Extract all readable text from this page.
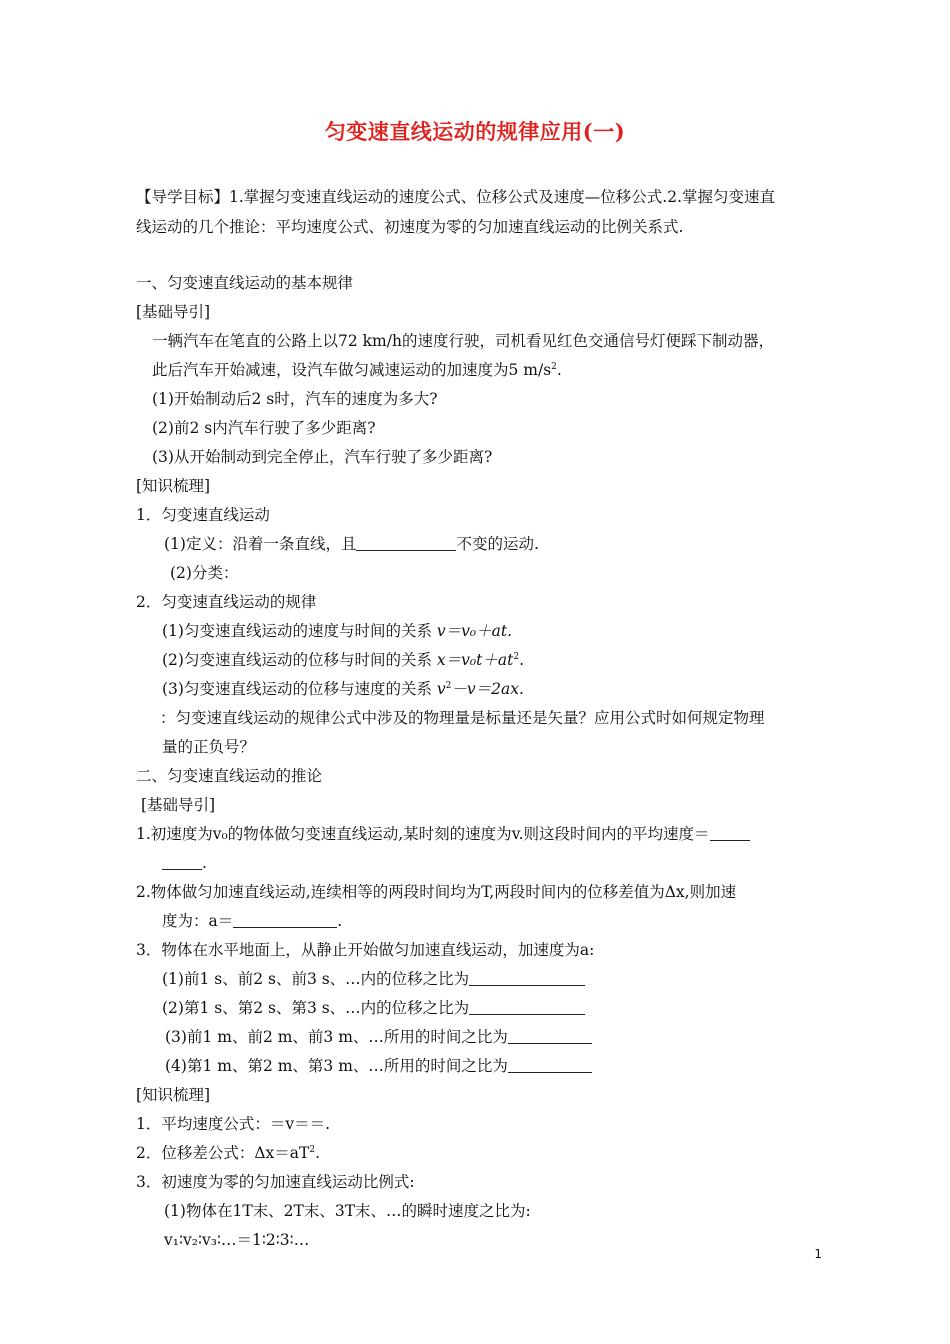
匀变速直线运动的规律应用(一)
【导学目标】1.掌握匀变速直线运动的速度公式、位移公式及速度—位移公式.2.掌握匀变速直
线运动的几个推论：平均速度公式、初速度为零的匀加速直线运动的比例关系式.
一、匀变速直线运动的基本规律
[基础导引]
一辆汽车在笔直的公路上以72 km/h的速度行驶，司机看见红色交通信号灯便踩下制动器，
此后汽车开始减速，设汽车做匀减速运动的加速度为5 $m/s^2$.
(1)开始制动后2 s时，汽车的速度为多大?
(2)前2 s内汽车行驶了多少距离?
(3)从开始制动到完全停止，汽车行驶了多少距离?
[知识梳理]
1．匀变速直线运动
(1)定义：沿着一条直线，且	不变的运动.
(2)分类：
2．匀变速直线运动的规律
(1)匀变速直线运动的速度与时间的关系 v＝v₀＋at.
(2)匀变速直线运动的位移与时间的关系 $x=v_0t+at^2$.
(3)匀变速直线运动的位移与速度的关系 $v^2-v=2ax$.
：匀变速直线运动的规律公式中涉及的物理量是标量还是矢量？应用公式时如何规定物理
量的正负号？
二、匀变速直线运动的推论
[基础导引]
1.初速度为v₀的物体做匀变速直线运动,某时刻的速度为v.则这段时间内的平均速度＝
.
2.物体做匀加速直线运动,连续相等的两段时间均为T,两段时间内的位移差值为Δx,则加速
度为：a＝	.
3．物体在水平地面上，从静止开始做匀加速直线运动，加速度为a:
(1)前1 s、前2 s、前3 s、…内的位移之比为
(2)第1 s、第2 s、第3 s、…内的位移之比为
(3)前1 m、前2 m、前3 m、…所用的时间之比为
(4)第1 m、第2 m、第3 m、…所用的时间之比为
[知识梳理]
1．平均速度公式：＝v＝＝.
2．位移差公式：$\Delta x=aT^2$.
3．初速度为零的匀加速直线运动比例式:
(1)物体在1T末、2T末、3T末、…的瞬时速度之比为:
v₁∶v₂∶v₃∶…＝1∶2∶3∶…
1
